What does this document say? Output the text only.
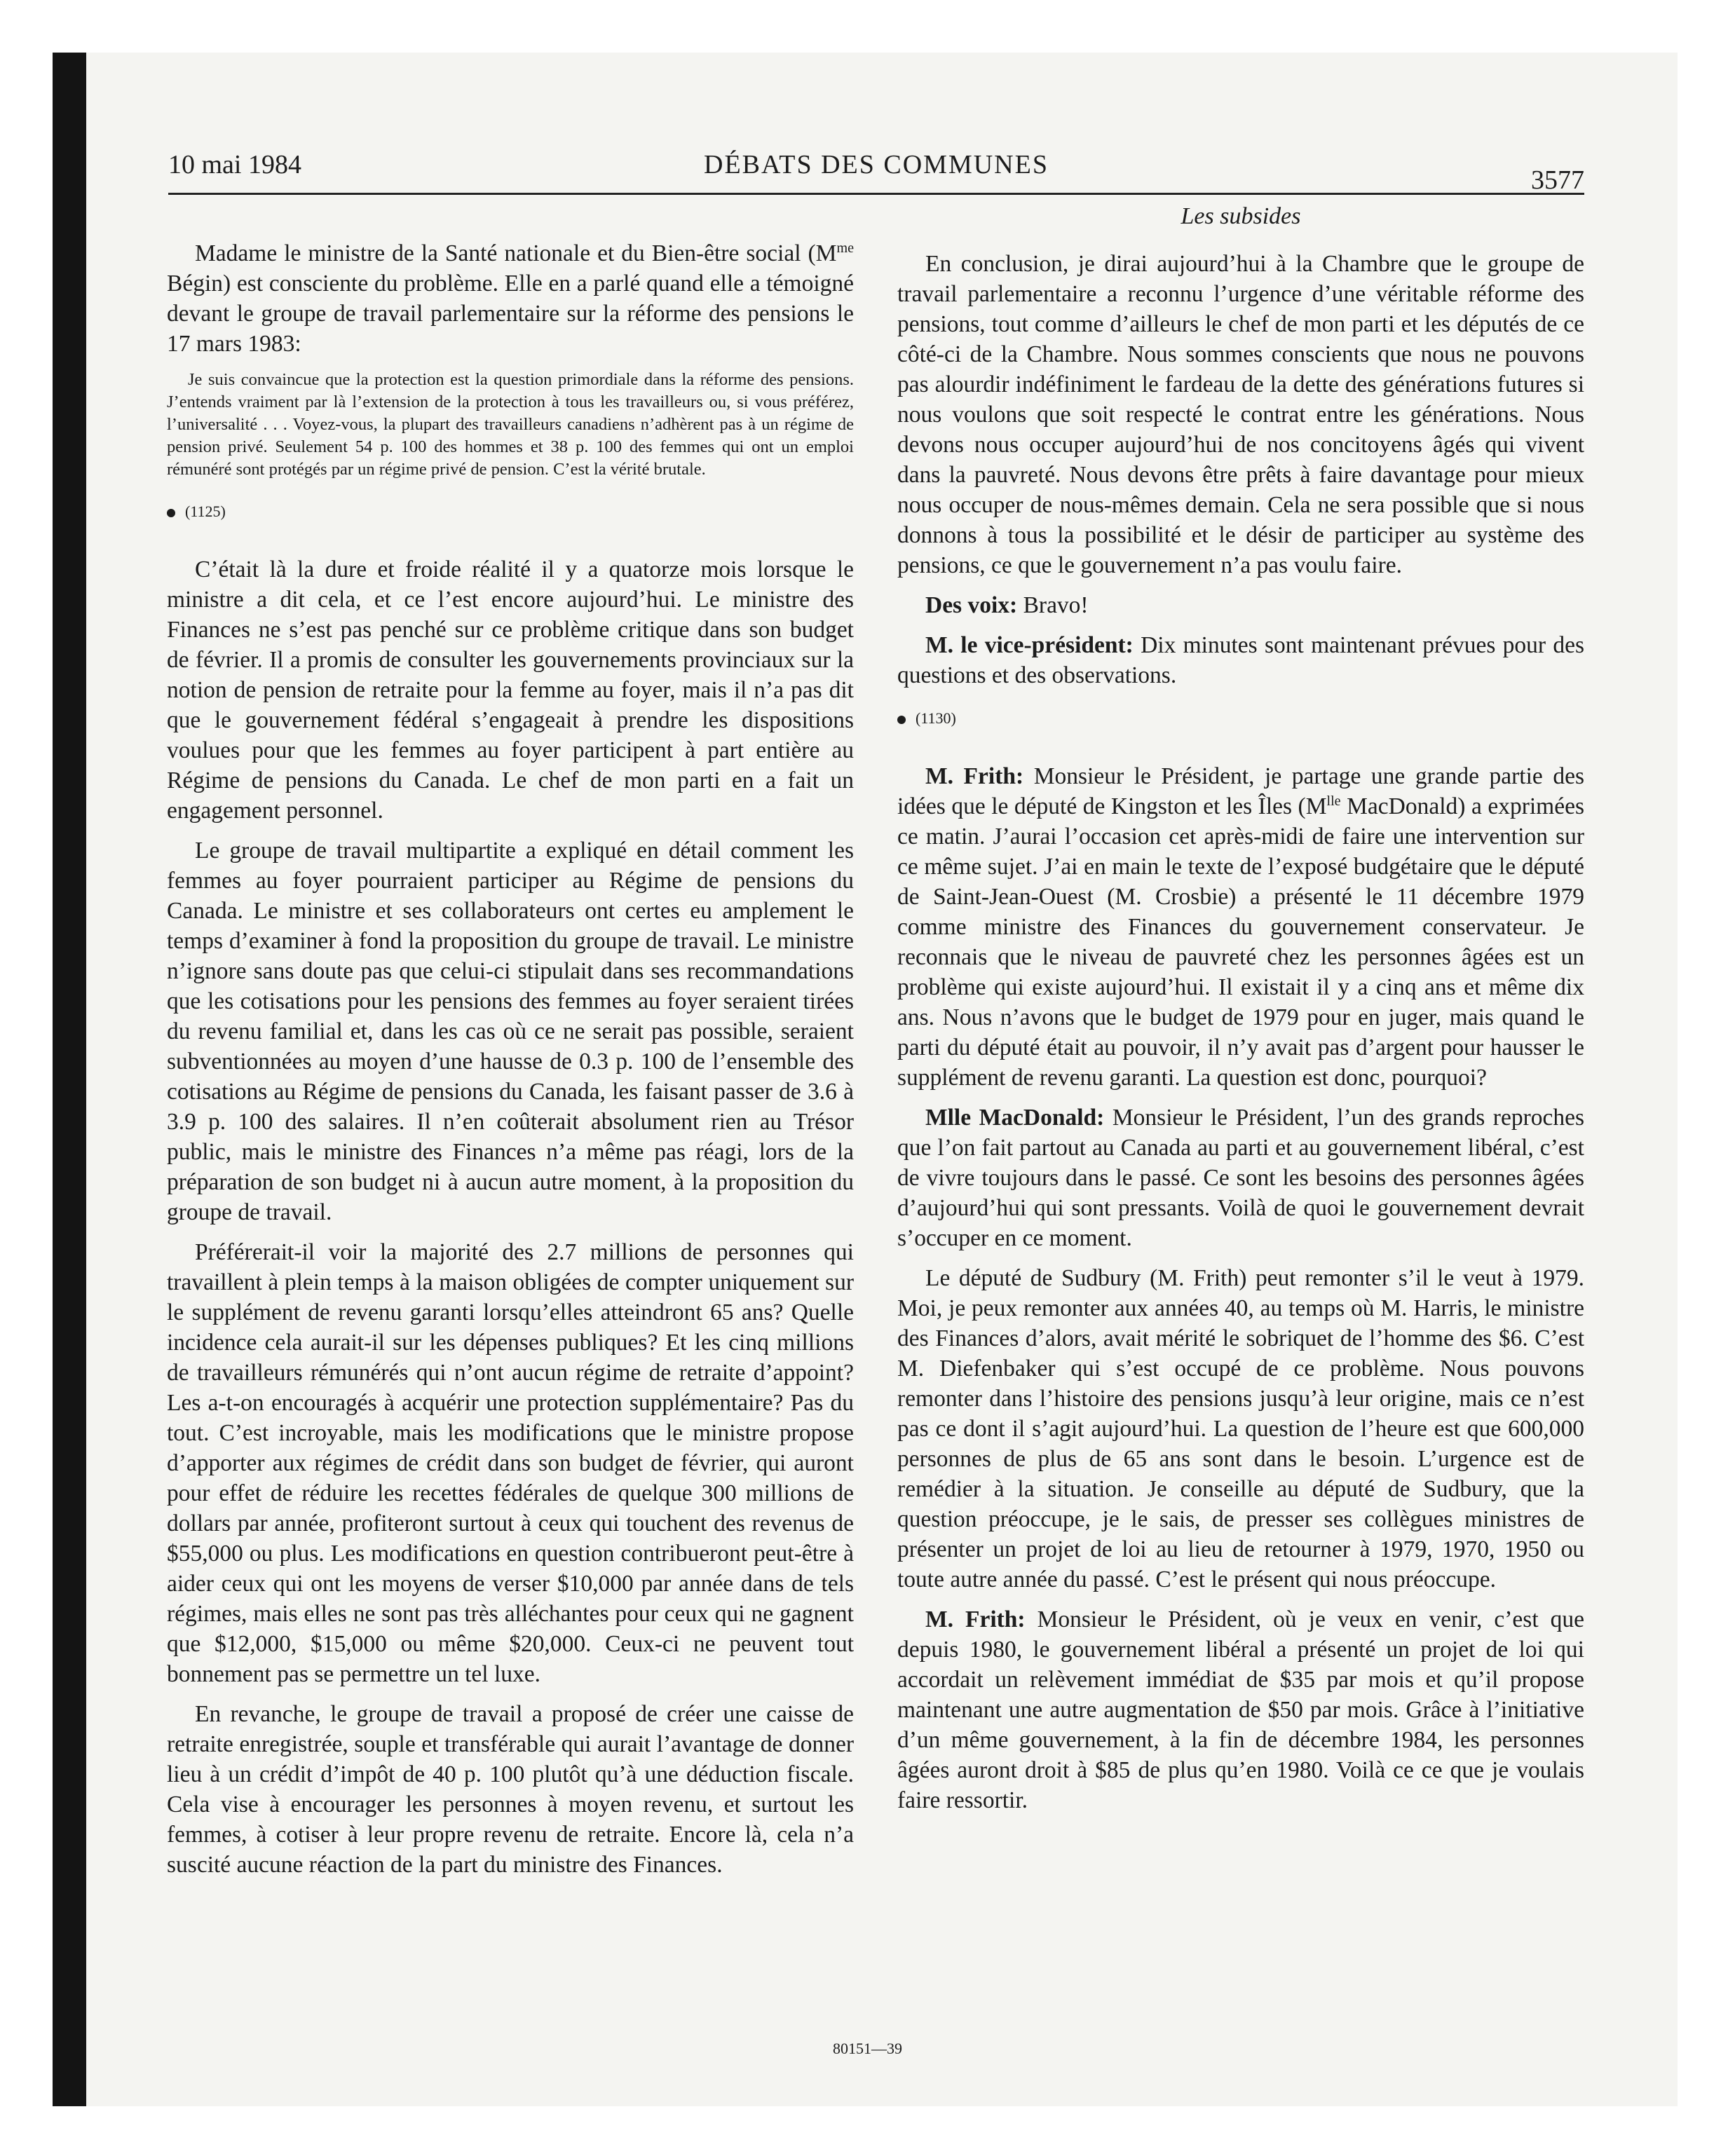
10 mai 1984	DÉBATS DES COMMUNES
3577
Les subsides

Madame le ministre de la Santé nationale et du Bien-être social ($M^{me}$ Bégin) est consciente du problème. Elle en a parlé quand elle a témoigné devant le groupe de travail parlementaire sur la réforme des pensions le 17 mars 1983:

Je suis convaincue que la protection est la question primordiale dans la réforme des pensions. J’entends vraiment par là l’extension de la protection à tous les travailleurs ou, si vous préférez, l’universalité . . . Voyez-vous, la plupart des travailleurs canadiens n’adhèrent pas à un régime de pension privé. Seulement 54 p. 100 des hommes et 38 p. 100 des femmes qui ont un emploi rémunéré sont protégés par un régime privé de pension. C’est la vérité brutale.
(1125)

C’était là la dure et froide réalité il y a quatorze mois lorsque le ministre a dit cela, et ce l’est encore aujourd’hui. Le ministre des Finances ne s’est pas penché sur ce problème critique dans son budget de février. Il a promis de consulter les gouvernements provinciaux sur la notion de pension de retraite pour la femme au foyer, mais il n’a pas dit que le gouvernement fédéral s’engageait à prendre les dispositions voulues pour que les femmes au foyer participent à part entière au Régime de pensions du Canada. Le chef de mon parti en a fait un engagement personnel.

Le groupe de travail multipartite a expliqué en détail comment les femmes au foyer pourraient participer au Régime de pensions du Canada. Le ministre et ses collaborateurs ont certes eu amplement le temps d’examiner à fond la proposition du groupe de travail. Le ministre n’ignore sans doute pas que celui-ci stipulait dans ses recommandations que les cotisations pour les pensions des femmes au foyer seraient tirées du revenu familial et, dans les cas où ce ne serait pas possible, seraient subventionnées au moyen d’une hausse de 0.3 p. 100 de l’ensemble des cotisations au Régime de pensions du Canada, les faisant passer de 3.6 à 3.9 p. 100 des salaires. Il n’en coûterait absolument rien au Trésor public, mais le ministre des Finances n’a même pas réagi, lors de la préparation de son budget ni à aucun autre moment, à la proposition du groupe de travail.

Préférerait-il voir la majorité des 2.7 millions de personnes qui travaillent à plein temps à la maison obligées de compter uniquement sur le supplément de revenu garanti lorsqu’elles atteindront 65 ans? Quelle incidence cela aurait-il sur les dépenses publiques? Et les cinq millions de travailleurs rémunérés qui n’ont aucun régime de retraite d’appoint? Les a-t-on encouragés à acquérir une protection supplémentaire? Pas du tout. C’est incroyable, mais les modifications que le ministre propose d’apporter aux régimes de crédit dans son budget de février, qui auront pour effet de réduire les recettes fédérales de quelque 300 millions de dollars par année, profiteront surtout à ceux qui touchent des revenus de $55,000 ou plus. Les modifications en question contribueront peut-être à aider ceux qui ont les moyens de verser $10,000 par année dans de tels régimes, mais elles ne sont pas très alléchantes pour ceux qui ne gagnent que $12,000, $15,000 ou même $20,000. Ceux-ci ne peuvent tout bonnement pas se permettre un tel luxe.

En revanche, le groupe de travail a proposé de créer une caisse de retraite enregistrée, souple et transférable qui aurait l’avantage de donner lieu à un crédit d’impôt de 40 p. 100 plutôt qu’à une déduction fiscale. Cela vise à encourager les personnes à moyen revenu, et surtout les femmes, à cotiser à leur propre revenu de retraite. Encore là, cela n’a suscité aucune réaction de la part du ministre des Finances.

En conclusion, je dirai aujourd’hui à la Chambre que le groupe de travail parlementaire a reconnu l’urgence d’une véritable réforme des pensions, tout comme d’ailleurs le chef de mon parti et les députés de ce côté-ci de la Chambre. Nous sommes conscients que nous ne pouvons pas alourdir indéfiniment le fardeau de la dette des générations futures si nous voulons que soit respecté le contrat entre les générations. Nous devons nous occuper aujourd’hui de nos concitoyens âgés qui vivent dans la pauvreté. Nous devons être prêts à faire davantage pour mieux nous occuper de nous-mêmes demain. Cela ne sera possible que si nous donnons à tous la possibilité et le désir de participer au système des pensions, ce que le gouvernement n’a pas voulu faire.

Des voix: Bravo!

M. le vice-président: Dix minutes sont maintenant prévues pour des questions et des observations.

(1130)

M. Frith: Monsieur le Président, je partage une grande partie des idées que le député de Kingston et les Îles ($M^{lle}$ MacDonald) a exprimées ce matin. J’aurai l’occasion cet après-midi de faire une intervention sur ce même sujet. J’ai en main le texte de l’exposé budgétaire que le député de Saint-Jean-Ouest (M. Crosbie) a présenté le 11 décembre 1979 comme ministre des Finances du gouvernement conservateur. Je reconnais que le niveau de pauvreté chez les personnes âgées est un problème qui existe aujourd’hui. Il existait il y a cinq ans et même dix ans. Nous n’avons que le budget de 1979 pour en juger, mais quand le parti du député était au pouvoir, il n’y avait pas d’argent pour hausser le supplément de revenu garanti. La question est donc, pourquoi?

Mlle MacDonald: Monsieur le Président, l’un des grands reproches que l’on fait partout au Canada au parti et au gouvernement libéral, c’est de vivre toujours dans le passé. Ce sont les besoins des personnes âgées d’aujourd’hui qui sont pressants. Voilà de quoi le gouvernement devrait s’occuper en ce moment.

Le député de Sudbury (M. Frith) peut remonter s’il le veut à 1979. Moi, je peux remonter aux années 40, au temps où M. Harris, le ministre des Finances d’alors, avait mérité le sobriquet de l’homme des $6. C’est M. Diefenbaker qui s’est occupé de ce problème. Nous pouvons remonter dans l’histoire des pensions jusqu’à leur origine, mais ce n’est pas ce dont il s’agit aujourd’hui. La question de l’heure est que 600,000 personnes de plus de 65 ans sont dans le besoin. L’urgence est de remédier à la situation. Je conseille au député de Sudbury, que la question préoccupe, je le sais, de presser ses collègues ministres de présenter un projet de loi au lieu de retourner à 1979, 1970, 1950 ou toute autre année du passé. C’est le présent qui nous préoccupe.

M. Frith: Monsieur le Président, où je veux en venir, c’est que depuis 1980, le gouvernement libéral a présenté un projet de loi qui accordait un relèvement immédiat de $35 par mois et qu’il propose maintenant une autre augmentation de $50 par mois. Grâce à l’initiative d’un même gouvernement, à la fin de décembre 1984, les personnes âgées auront droit à $85 de plus qu’en 1980. Voilà ce ce que je voulais faire ressortir.

80151—39
